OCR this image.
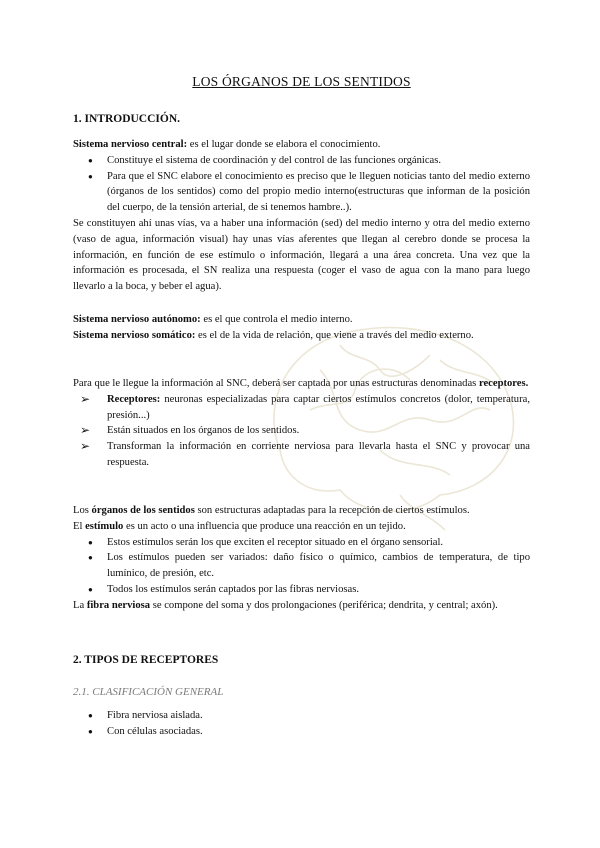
LOS ÓRGANOS DE LOS SENTIDOS
1. INTRODUCCIÓN.

Sistema nervioso central: es el lugar donde se elabora el conocimiento.

● Constituye el sistema de coordinación y del control de las funciones orgánicas.
● Para que el SNC elabore el conocimiento es preciso que le lleguen noticias tanto del medio externo (órganos de los sentidos) como del propio medio interno(estructuras que informan de la posición del cuerpo, de la tensión arterial, de si tenemos hambre..).

Se constituyen ahí unas vías, va a haber una información (sed) del medio interno y otra del medio externo (vaso de agua, información visual) hay unas vías aferentes que llegan al cerebro donde se procesa la información, en función de ese estímulo o información, llegará a una área concreta. Una vez que la información es procesada, el SN realiza una respuesta (coger el vaso de agua con la mano para luego llevarlo a la boca, y beber el agua).

Sistema nervioso autónomo: es el que controla el medio interno.

Sistema nervioso somático: es el de la vida de relación, que viene a través del medio externo.

Para que le llegue la información al SNC, deberá ser captada por unas estructuras denominadas receptores.

➢ Receptores: neuronas especializadas para captar ciertos estímulos concretos (dolor, temperatura, presión...)
➢ Están situados en los órganos de los sentidos.
➢ Transforman la información en corriente nerviosa para llevarla hasta el SNC y provocar una respuesta.

Los órganos de los sentidos son estructuras adaptadas para la recepción de ciertos estímulos.

El estímulo es un acto o una influencia que produce una reacción en un tejido.

● Estos estímulos serán los que exciten el receptor situado en el órgano sensorial.
● Los estímulos pueden ser variados: daño físico o químico, cambios de temperatura, de tipo lumínico, de presión, etc.
● Todos los estímulos serán captados por las fibras nerviosas.

La fibra nerviosa se compone del soma y dos prolongaciones (periférica; dendrita, y central; axón).

2. TIPOS DE RECEPTORES
2.1. CLASIFICACIÓN GENERAL
● Fibra nerviosa aislada.
● Con células asociadas.
